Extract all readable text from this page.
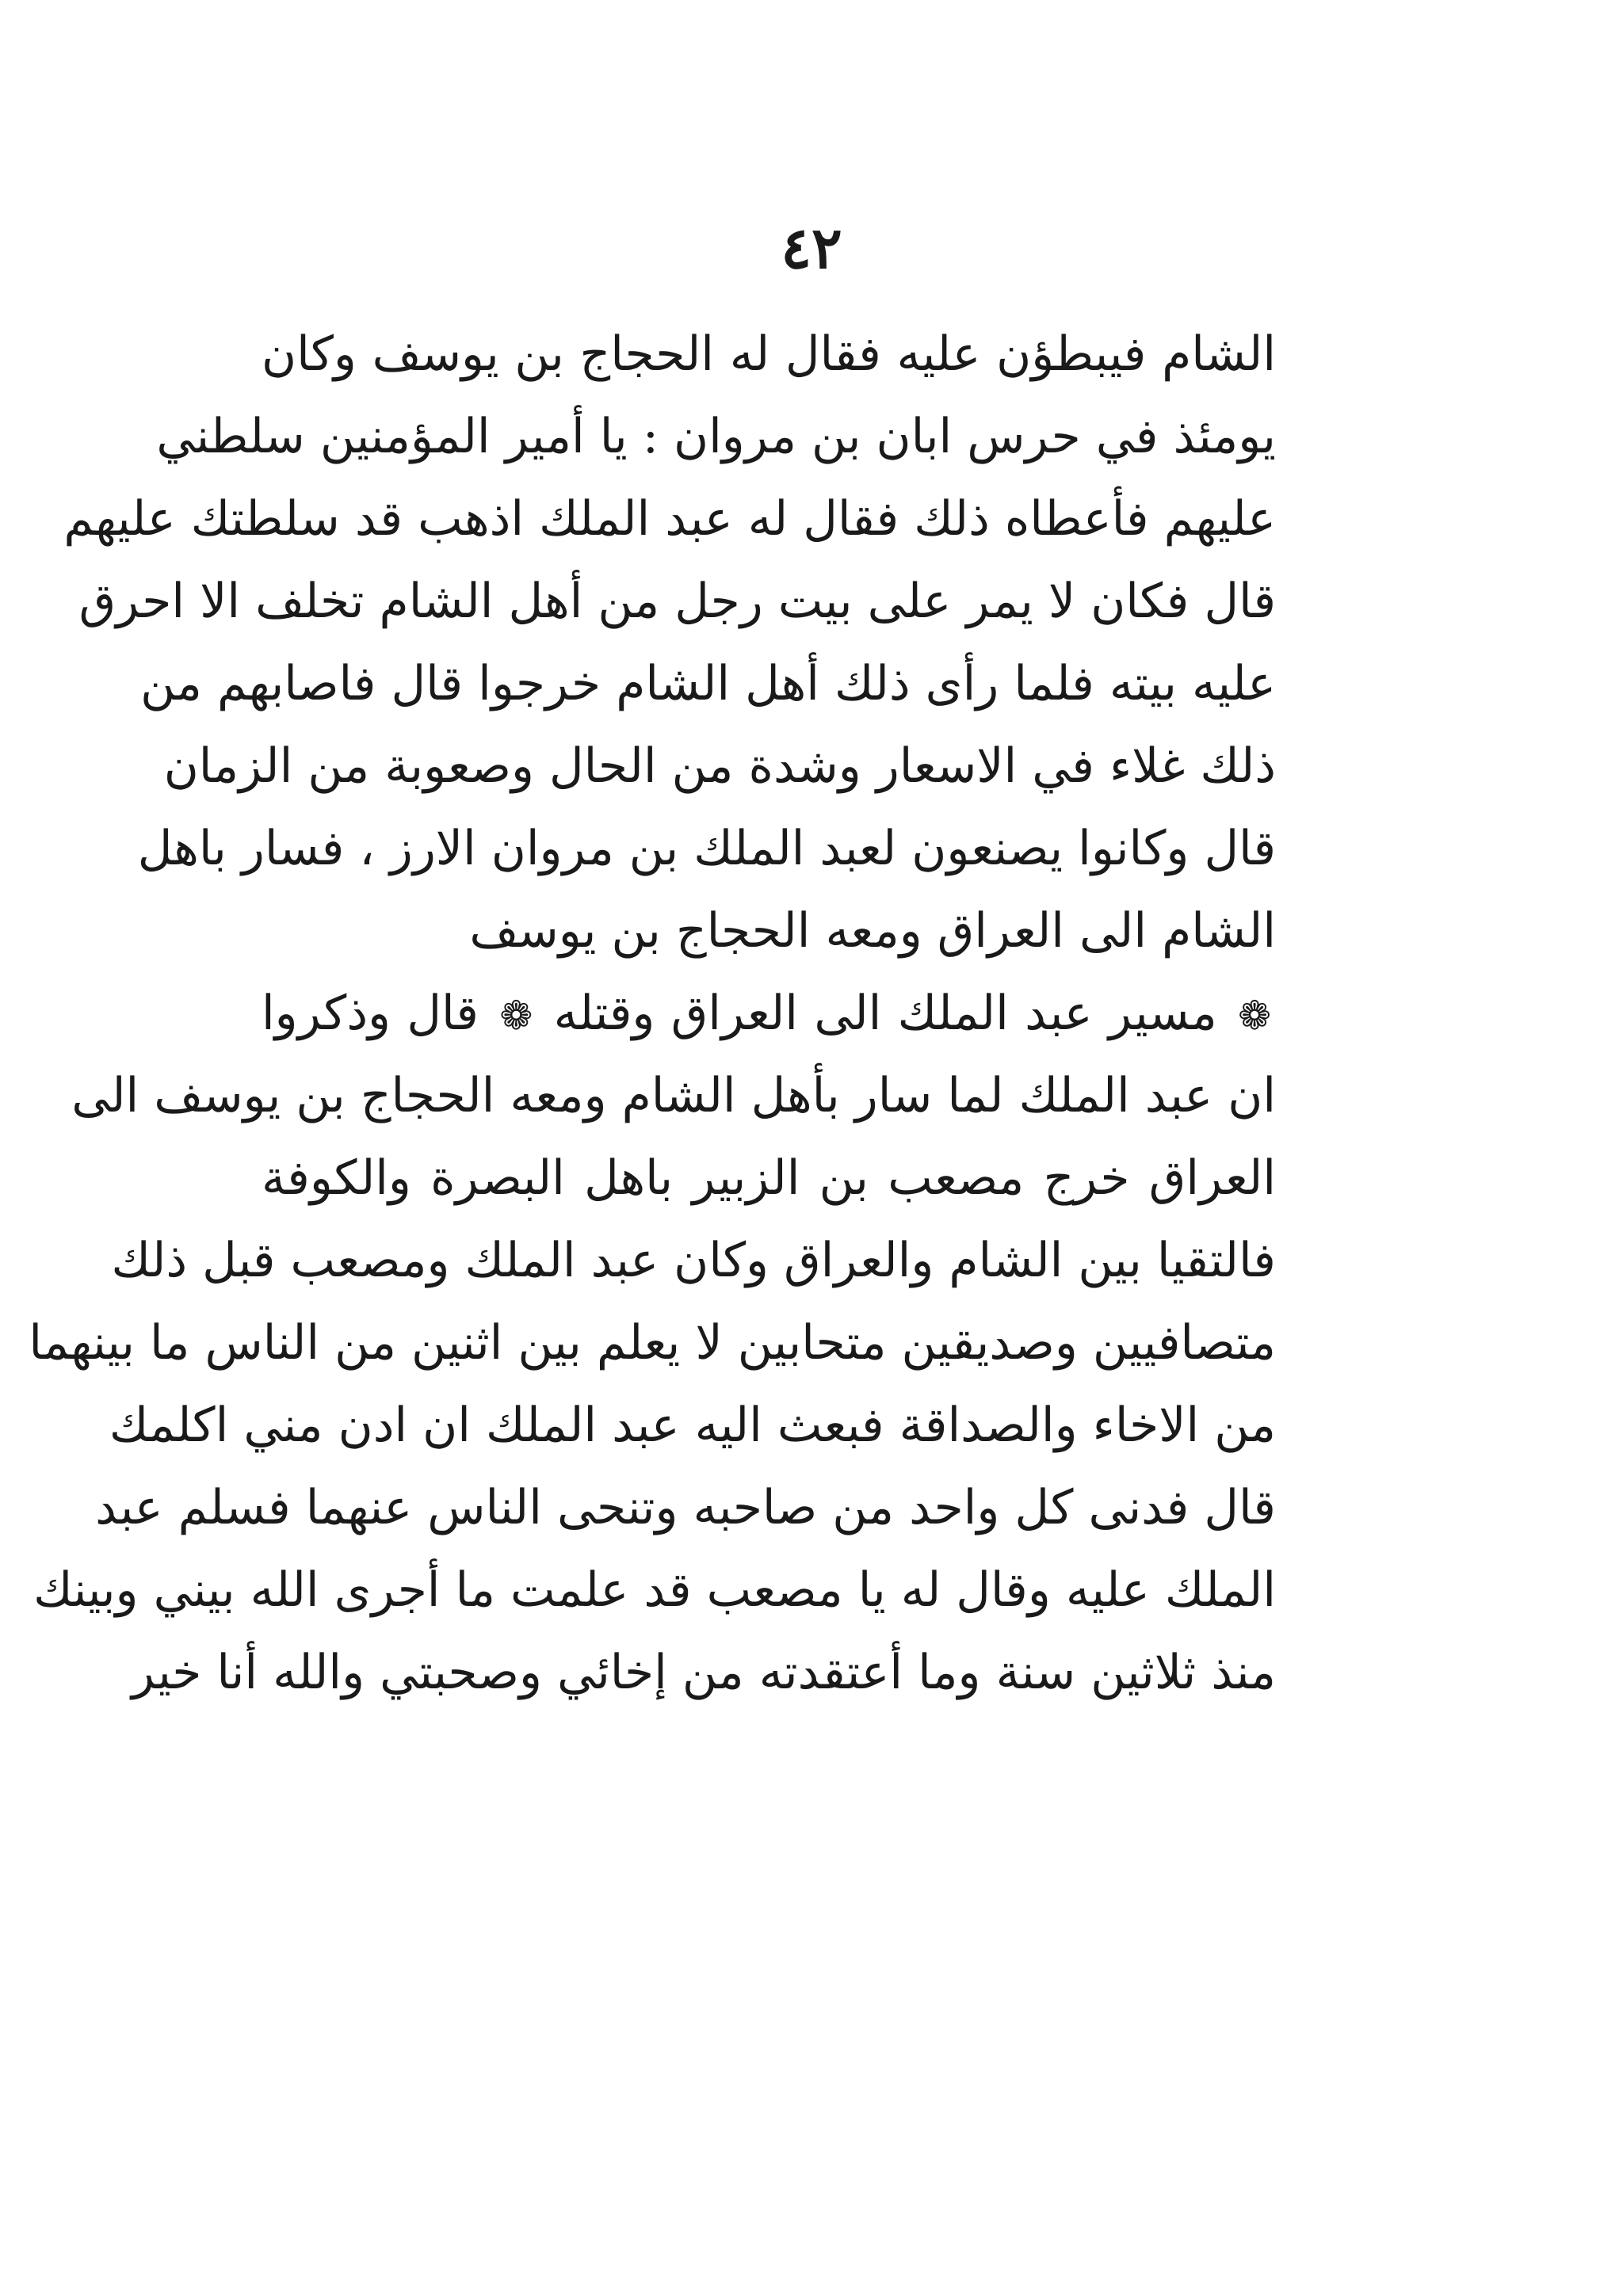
٤٢
الشام فيبطؤن عليه فقال له الحجاج بن يوسف وكان
يومئذ في حرس ابان بن مروان : يا أمير المؤمنين سلطني
عليهم فأعطاه ذلك فقال له عبد الملك اذهب قد سلطتك عليهم
قال فكان لا يمر على بيت رجل من أهل الشام تخلف الا احرق
عليه بيته فلما رأى ذلك أهل الشام خرجوا قال فاصابهم من
ذلك غلاء في الاسعار وشدة من الحال وصعوبة من الزمان
قال وكانوا يصنعون لعبد الملك بن مروان الارز ، فسار باهل
الشام الى العراق ومعه الحجاج بن يوسف
❁ مسير عبد الملك الى العراق وقتله ❁ قال وذكروا
ان عبد الملك لما سار بأهل الشام ومعه الحجاج بن يوسف الى
العراق خرج مصعب بن الزبير باهل البصرة والكوفة
فالتقيا بين الشام والعراق وكان عبد الملك ومصعب قبل ذلك
متصافيين وصديقين متحابين لا يعلم بين اثنين من الناس ما بينهما
من الاخاء والصداقة فبعث اليه عبد الملك ان ادن مني اكلمك
قال فدنى كل واحد من صاحبه وتنحى الناس عنهما فسلم عبد
الملك عليه وقال له يا مصعب قد علمت ما أجرى الله بيني وبينك
منذ ثلاثين سنة وما أعتقدته من إخائي وصحبتي والله أنا خير
